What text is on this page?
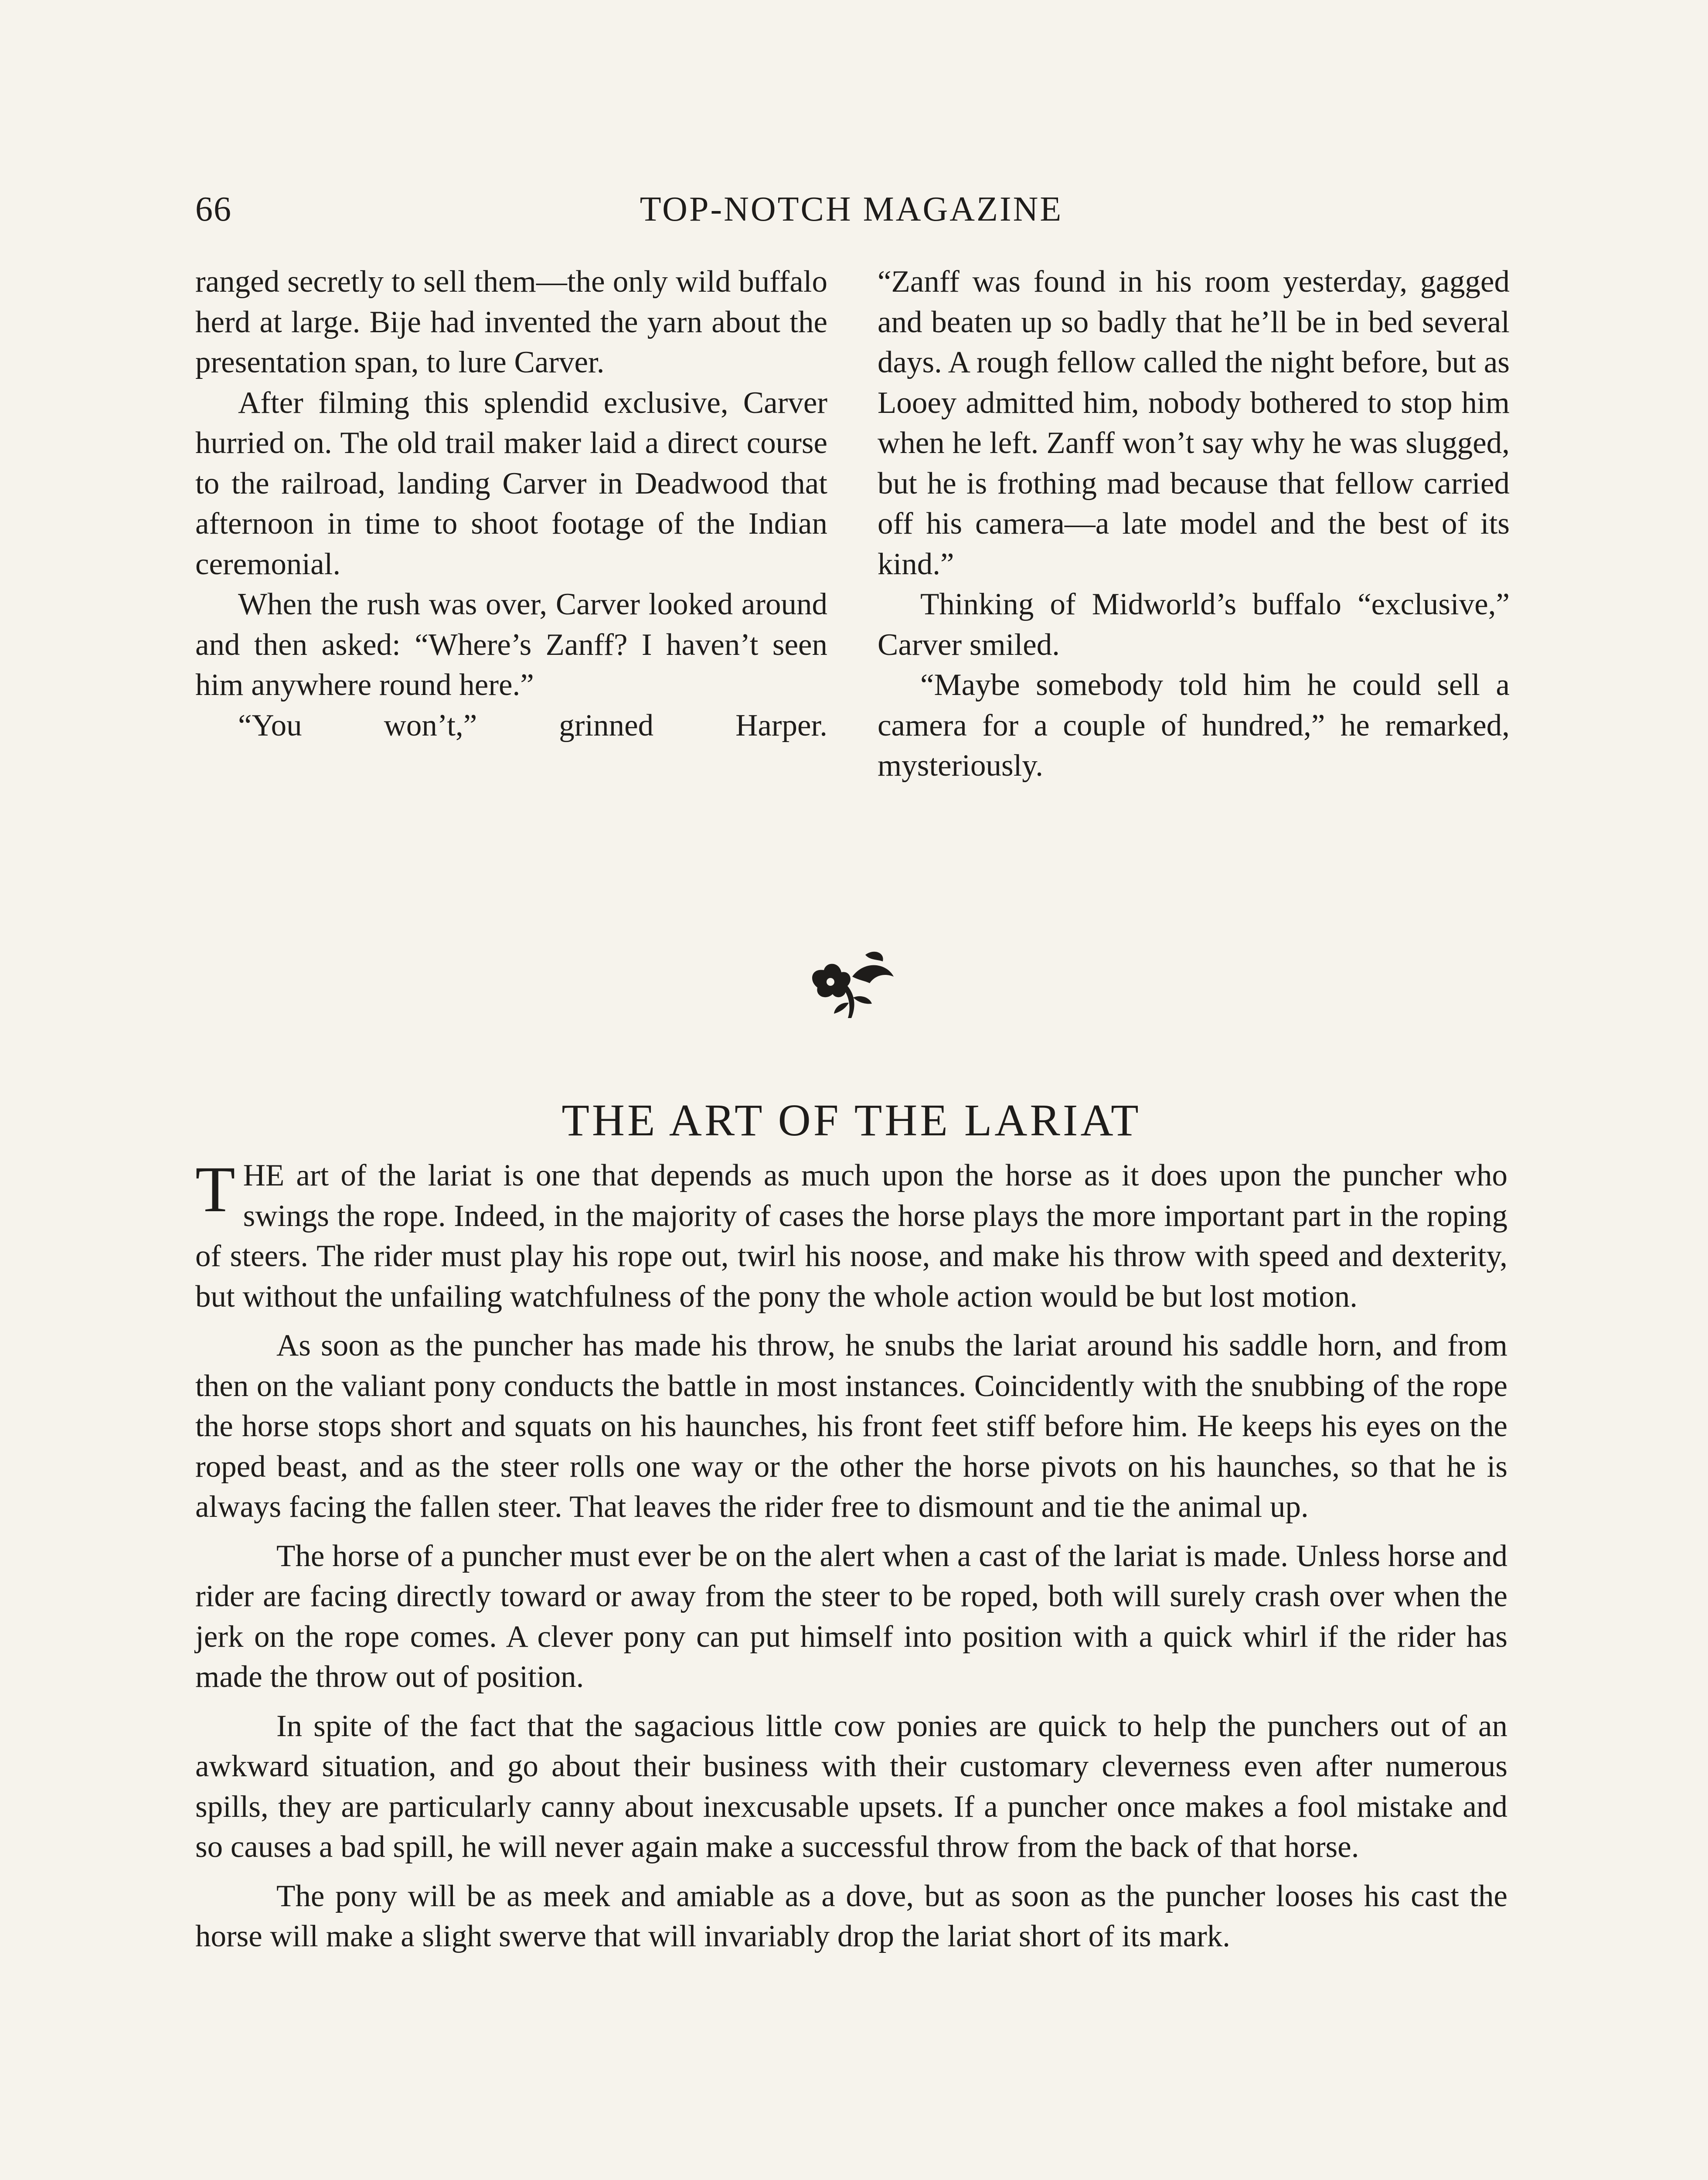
66	TOP-NOTCH MAGAZINE

ranged secretly to sell them—the only wild buffalo herd at large. Bije had invented the yarn about the presentation span, to lure Carver.

After filming this splendid exclusive, Carver hurried on. The old trail maker laid a direct course to the railroad, landing Carver in Deadwood that afternoon in time to shoot footage of the Indian ceremonial.

When the rush was over, Carver looked around and then asked: “Where’s Zanff? I haven’t seen him anywhere round here.”

“You won’t,” grinned Harper.

“Zanff was found in his room yesterday, gagged and beaten up so badly that he’ll be in bed several days. A rough fellow called the night before, but as Looey admitted him, nobody bothered to stop him when he left. Zanff won’t say why he was slugged, but he is frothing mad because that fellow carried off his camera—a late model and the best of its kind.”

Thinking of Midworld’s buffalo “exclusive,” Carver smiled.

“Maybe somebody told him he could sell a camera for a couple of hundred,” he remarked, mysteriously.

THE ART OF THE LARIAT

THE art of the lariat is one that depends as much upon the horse as it does upon the puncher who swings the rope. Indeed, in the majority of cases the horse plays the more important part in the roping of steers. The rider must play his rope out, twirl his noose, and make his throw with speed and dexterity, but without the unfailing watchfulness of the pony the whole action would be but lost motion.

As soon as the puncher has made his throw, he snubs the lariat around his saddle horn, and from then on the valiant pony conducts the battle in most instances. Coincidently with the snubbing of the rope the horse stops short and squats on his haunches, his front feet stiff before him. He keeps his eyes on the roped beast, and as the steer rolls one way or the other the horse pivots on his haunches, so that he is always facing the fallen steer. That leaves the rider free to dismount and tie the animal up.

The horse of a puncher must ever be on the alert when a cast of the lariat is made. Unless horse and rider are facing directly toward or away from the steer to be roped, both will surely crash over when the jerk on the rope comes. A clever pony can put himself into position with a quick whirl if the rider has made the throw out of position.

In spite of the fact that the sagacious little cow ponies are quick to help the punchers out of an awkward situation, and go about their business with their customary cleverness even after numerous spills, they are particularly canny about inexcusable upsets. If a puncher once makes a fool mistake and so causes a bad spill, he will never again make a successful throw from the back of that horse.

The pony will be as meek and amiable as a dove, but as soon as the puncher looses his cast the horse will make a slight swerve that will invariably drop the lariat short of its mark.
